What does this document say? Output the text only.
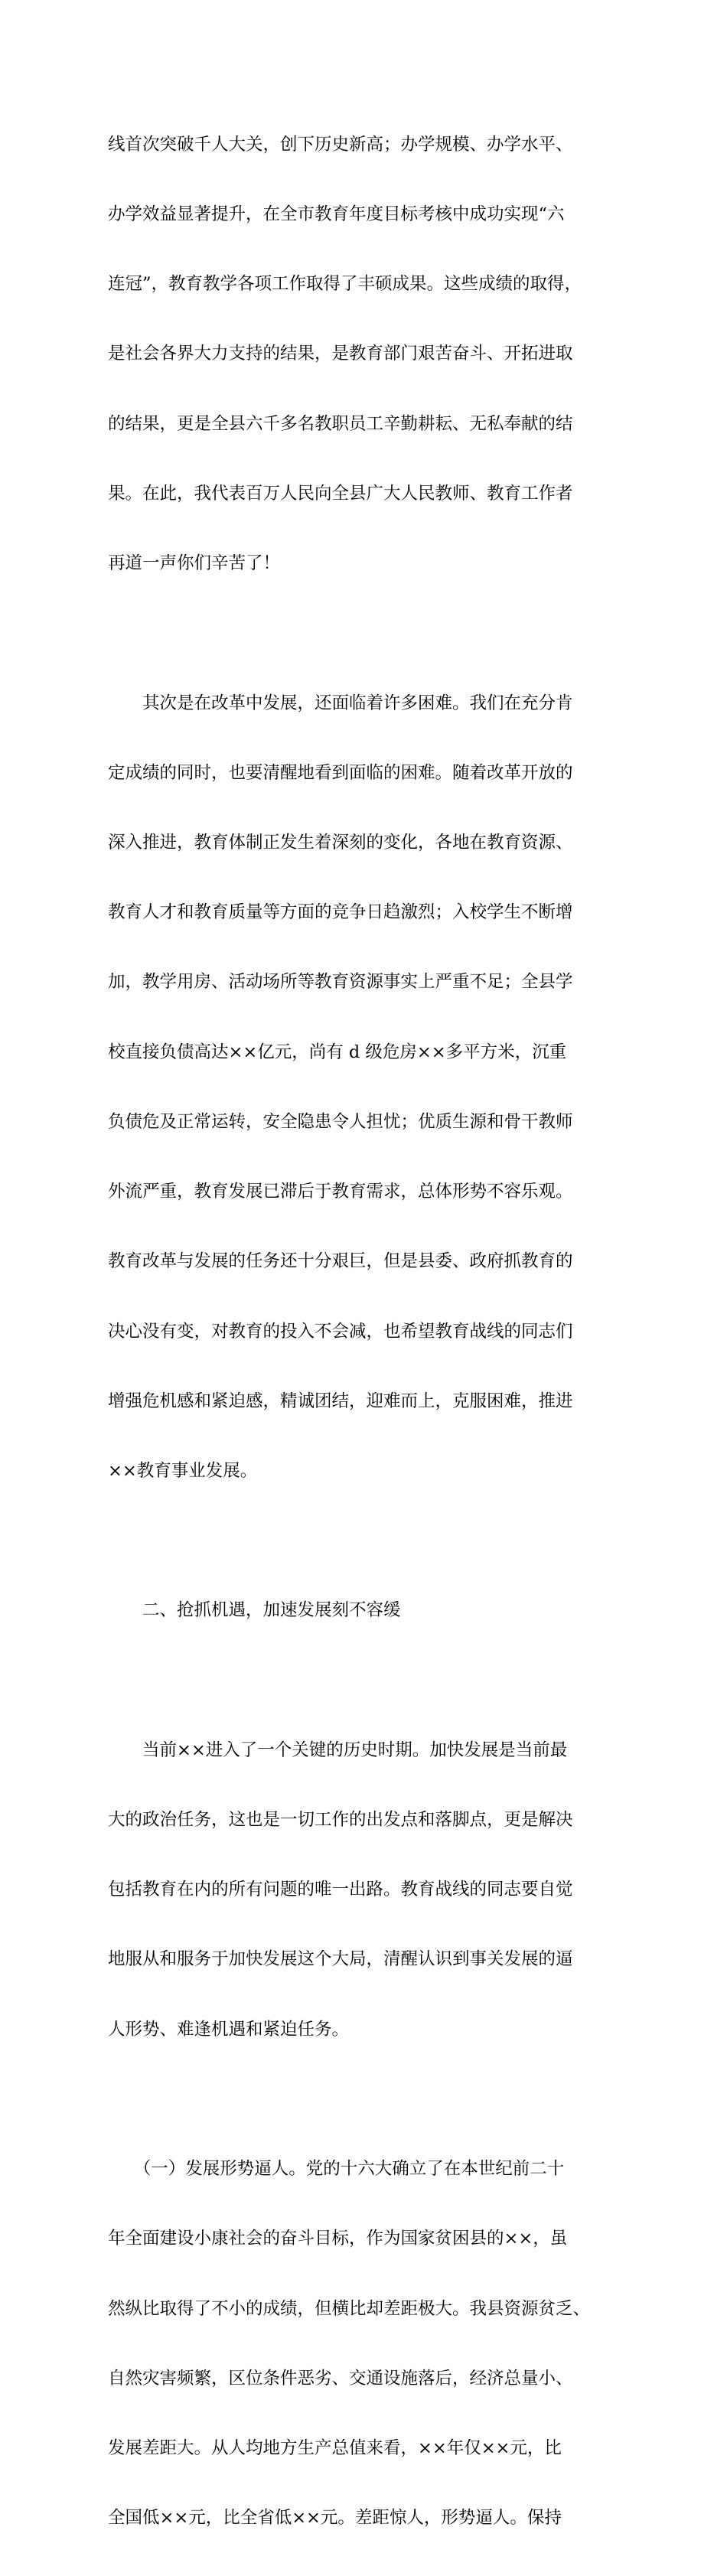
线首次突破千人大关，创下历史新高；办学规模、办学水平、

办学效益显著提升，在全市教育年度目标考核中成功实现“六

连冠”，教育教学各项工作取得了丰硕成果。这些成绩的取得，

是社会各界大力支持的结果，是教育部门艰苦奋斗、开拓进取

的结果，更是全县六千多名教职员工辛勤耕耘、无私奉献的结

果。在此，我代表百万人民向全县广大人民教师、教育工作者

再道一声你们辛苦了！

　　其次是在改革中发展，还面临着许多困难。我们在充分肯

定成绩的同时，也要清醒地看到面临的困难。随着改革开放的

深入推进，教育体制正发生着深刻的变化，各地在教育资源、

教育人才和教育质量等方面的竞争日趋激烈；入校学生不断增

加，教学用房、活动场所等教育资源事实上严重不足；全县学

校直接负债高达××亿元，尚有 d 级危房××多平方米，沉重

负债危及正常运转，安全隐患令人担忧；优质生源和骨干教师

外流严重，教育发展已滞后于教育需求，总体形势不容乐观。

教育改革与发展的任务还十分艰巨，但是县委、政府抓教育的

决心没有变，对教育的投入不会减，也希望教育战线的同志们

增强危机感和紧迫感，精诚团结，迎难而上，克服困难，推进

××教育事业发展。

　　二、抢抓机遇，加速发展刻不容缓

　　当前××进入了一个关键的历史时期。加快发展是当前最

大的政治任务，这也是一切工作的出发点和落脚点，更是解决

包括教育在内的所有问题的唯一出路。教育战线的同志要自觉

地服从和服务于加快发展这个大局，清醒认识到事关发展的逼

人形势、难逢机遇和紧迫任务。

　　（一）发展形势逼人。党的十六大确立了在本世纪前二十

年全面建设小康社会的奋斗目标，作为国家贫困县的××，虽

然纵比取得了不小的成绩，但横比却差距极大。我县资源贫乏、

自然灾害频繁，区位条件恶劣、交通设施落后，经济总量小、

发展差距大。从人均地方生产总值来看，××年仅××元，比

全国低××元，比全省低××元。差距惊人，形势逼人。保持
